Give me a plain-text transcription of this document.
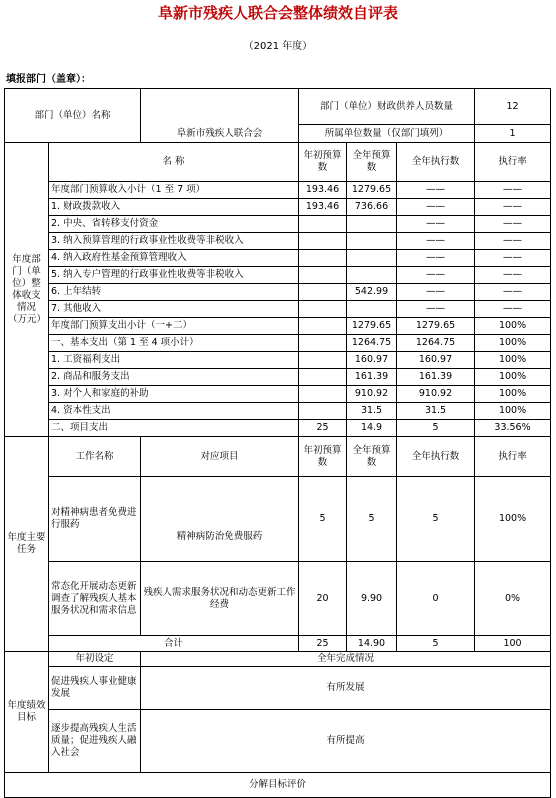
阜新市残疾人联合会整体绩效自评表
（2021 年度）
填报部门（盖章）：
部门（单位）名称		阜新市残疾人联合会	部门（单位）财政供养人员数量			12
			所属单位数量（仅部门填列）			1
年度部门（单位）整体收支情况（万元）	名 称		年初预算数	全年预算数	全年执行数	执行率
	年度部门预算收入小计（1 至 7 项）		193.46	1279.65	——	——
	1. 财政拨款收入		193.46	736.66	——	——
	2. 中央、省转移支付资金				——	——
	3. 纳入预算管理的行政事业性收费等非税收入				——	——
	4. 纳入政府性基金预算管理收入				——	——
	5. 纳入专户管理的行政事业性收费等非税收入				——	——
	6. 上年结转			542.99	——	——
	7. 其他收入				——	——
	年度部门预算支出小计（一+二）			1279.65	1279.65	100%
	一、基本支出（第 1 至 4 项小计）			1264.75	1264.75	100%
	1. 工资福利支出			160.97	160.97	100%
	2. 商品和服务支出			161.39	161.39	100%
	3. 对个人和家庭的补助			910.92	910.92	100%
	4. 资本性支出			31.5	31.5	100%
	二、项目支出		25	14.9	5	33.56%
年度主要任务	工作名称	对应项目	年初预算数	全年预算数	全年执行数	执行率
	对精神病患者免费进行服药	精神病防治免费服药	5	5	5	100%
	常态化开展动态更新调查了解残疾人基本服务状况和需求信息	残疾人需求服务状况和动态更新工作经费	20	9.90	0	0%
	合计		25	14.90	5	100
年度绩效目标	年初设定	全年完成情况				
	促进残疾人事业健康发展	有所发展				
	逐步提高残疾人生活质量；促进残疾人融入社会	有所提高				
分解目标评价						
